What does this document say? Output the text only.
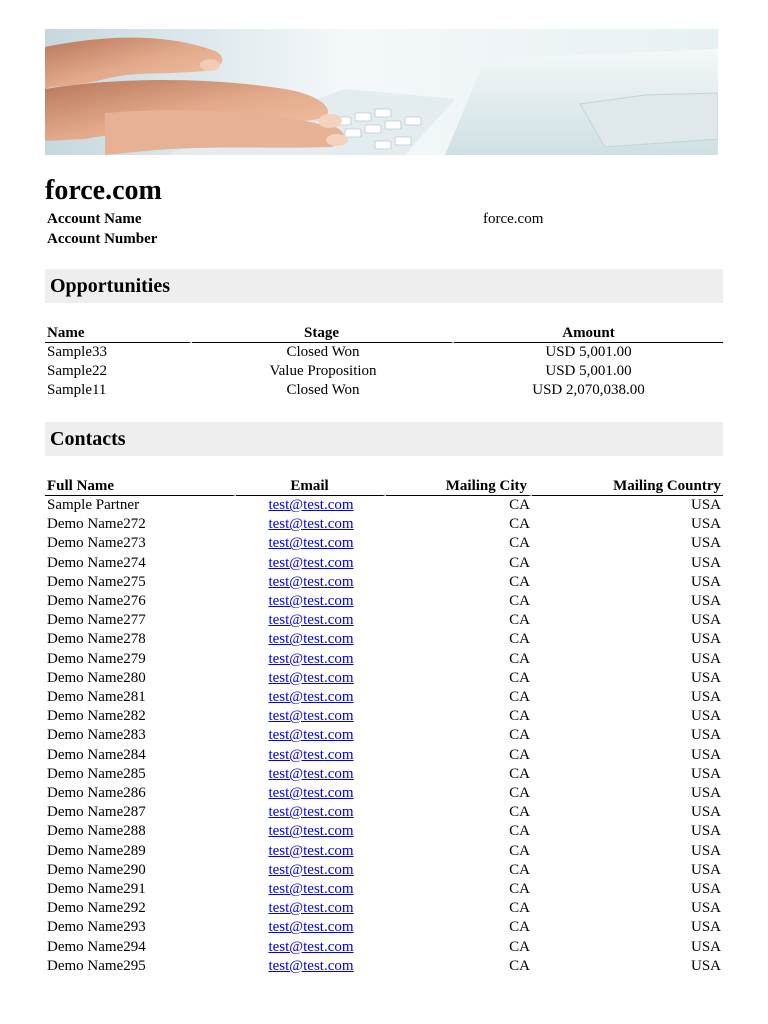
force.com
Account Name	force.com
Account Number
Opportunities
Name	Stage	Amount
Sample33	Closed Won	USD 5,001.00
Sample22	Value Proposition	USD 5,001.00
Sample11	Closed Won	USD 2,070,038.00
Contacts
Full Name	Email	Mailing City	Mailing Country
Sample Partner	test@test.com	CA	USA
Demo Name272	test@test.com	CA	USA
Demo Name273	test@test.com	CA	USA
Demo Name274	test@test.com	CA	USA
Demo Name275	test@test.com	CA	USA
Demo Name276	test@test.com	CA	USA
Demo Name277	test@test.com	CA	USA
Demo Name278	test@test.com	CA	USA
Demo Name279	test@test.com	CA	USA
Demo Name280	test@test.com	CA	USA
Demo Name281	test@test.com	CA	USA
Demo Name282	test@test.com	CA	USA
Demo Name283	test@test.com	CA	USA
Demo Name284	test@test.com	CA	USA
Demo Name285	test@test.com	CA	USA
Demo Name286	test@test.com	CA	USA
Demo Name287	test@test.com	CA	USA
Demo Name288	test@test.com	CA	USA
Demo Name289	test@test.com	CA	USA
Demo Name290	test@test.com	CA	USA
Demo Name291	test@test.com	CA	USA
Demo Name292	test@test.com	CA	USA
Demo Name293	test@test.com	CA	USA
Demo Name294	test@test.com	CA	USA
Demo Name295	test@test.com	CA	USA
